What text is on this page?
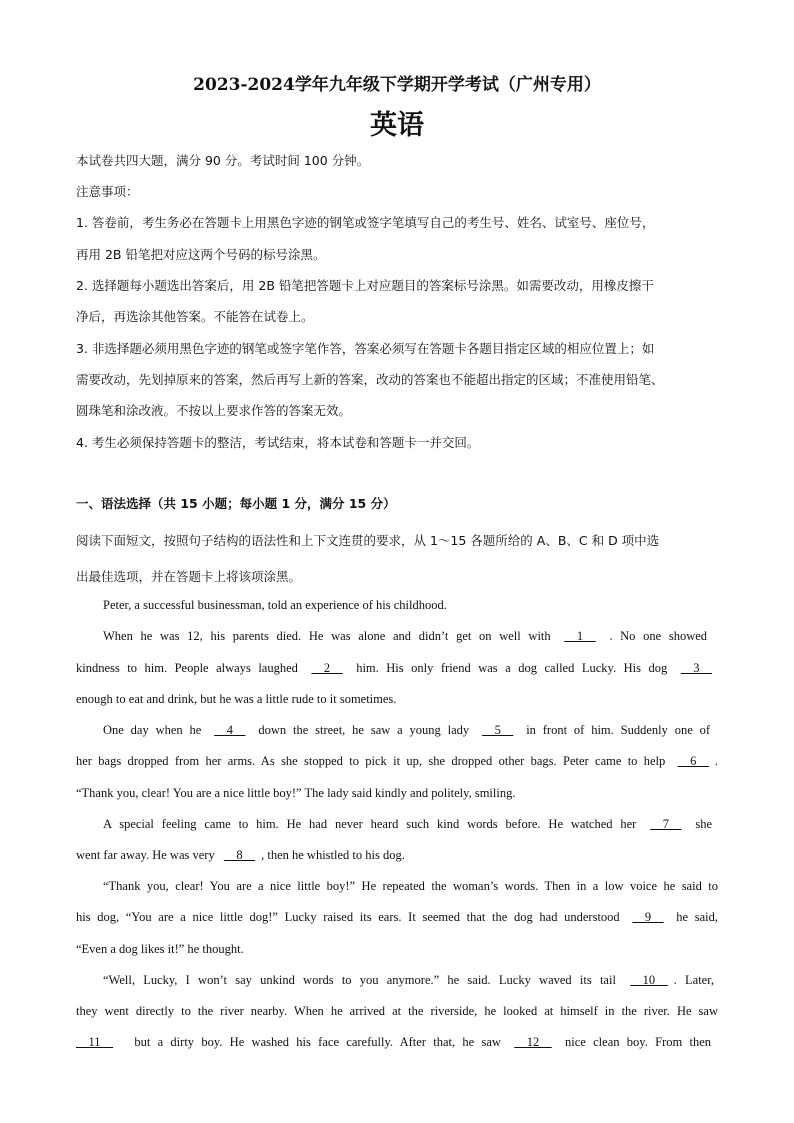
2023-2024学年九年级下学期开学考试（广州专用）
英语
本试卷共四大题，满分 90 分。考试时间 100 分钟。
注意事项：
1. 答卷前，考生务必在答题卡上用黑色字迹的钢笔或签字笔填写自己的考生号、姓名、试室号、座位号，
再用 2B 铅笔把对应这两个号码的标号涂黑。
2. 选择题每小题选出答案后，用 2B 铅笔把答题卡上对应题目的答案标号涂黑。如需要改动，用橡皮擦干
净后，再选涂其他答案。不能答在试卷上。
3. 非选择题必须用黑色字迹的钢笔或签字笔作答，答案必须写在答题卡各题目指定区域的相应位置上；如
需要改动，先划掉原来的答案，然后再写上新的答案，改动的答案也不能超出指定的区域；不准使用铅笔、
圆珠笔和涂改液。不按以上要求作答的答案无效。
4. 考生必须保持答题卡的整洁，考试结束，将本试卷和答题卡一并交回。
一、语法选择（共 15 小题；每小题 1 分，满分 15 分）
阅读下面短文，按照句子结构的语法性和上下文连贯的要求，从 1～15 各题所给的 A、B、C 和 D 项中选
出最佳选项，并在答题卡上将该项涂黑。
Peter, a successful businessman, told an experience of his childhood.
When he was 12, his parents died. He was alone and didn’t get on well with   1   . No one showed
kindness to him. People always laughed   2   him. His only friend was a dog called Lucky. His dog   3  
enough to eat and drink, but he was a little rude to it sometimes.
One day when he   4   down the street, he saw a young lady   5   in front of him. Suddenly one of
her bags dropped from her arms. As she stopped to pick it up, she dropped other bags. Peter came to help   6  .
“Thank you, clear! You are a nice little boy!” The lady said kindly and politely, smiling.
A special feeling came to him. He had never heard such kind words before. He watched her   7   she
went far away. He was very   8  , then he whistled to his dog.
“Thank you, clear! You are a nice little boy!” He repeated the woman’s words. Then in a low voice he said to
his dog, “You are a nice little dog!” Lucky raised its ears. It seemed that the dog had understood   9   he said,
“Even a dog likes it!” he thought.
“Well, Lucky, I won’t say unkind words to you anymore.” he said. Lucky waved its tail   10  . Later,
they went directly to the river nearby. When he arrived at the riverside, he looked at himself in the river. He saw
  11   but a dirty boy. He washed his face carefully. After that, he saw   12   nice clean boy. From then
